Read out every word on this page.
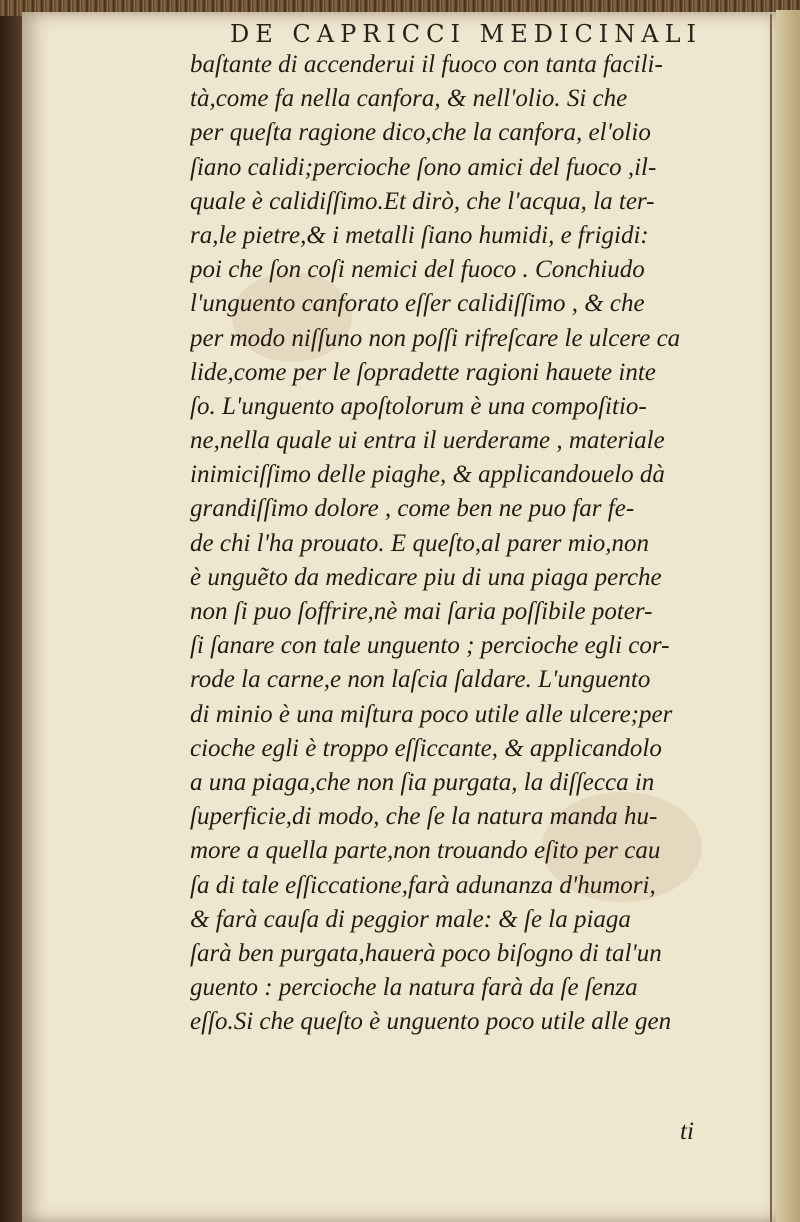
DE CAPRICCI MEDICINALI
baſtante di accenderui il fuoco con tanta facili-
tà,come fa nella canfora, & nell'olio. Si che
per queſta ragione dico,che la canfora, el'olio
ſiano calidi;percioche ſono amici del fuoco ,il-
quale è calidiſſimo.Et dirò, che l'acqua, la ter-
ra,le pietre,& i metalli ſiano humidi, e frigidi:
poi che ſon coſi nemici del fuoco . Conchiudo
l'unguento canforato eſſer calidiſſimo , & che
per modo niſſuno non poſſi rifreſcare le ulcere ca
lide,come per le ſopradette ragioni hauete inte
ſo. L'unguento apoſtolorum è una compoſitio-
ne,nella quale ui entra il uerderame , materiale
inimiciſſimo delle piaghe, & applicandouelo dà
grandiſſimo dolore , come ben ne puo far fe-
de chi l'ha prouato. E queſto,al parer mio,non
è unguẽto da medicare piu di una piaga perche
non ſi puo ſoffrire,nè mai ſaria poſſibile poter-
ſi ſanare con tale unguento ; percioche egli cor-
rode la carne,e non laſcia ſaldare. L'unguento
di minio è una miſtura poco utile alle ulcere;per
cioche egli è troppo eſſiccante, & applicandolo
a una piaga,che non ſia purgata, la diſſecca in
ſuperficie,di modo, che ſe la natura manda hu-
more a quella parte,non trouando eſito per cau
ſa di tale eſſiccatione,farà adunanza d'humori,
& farà cauſa di peggior male: & ſe la piaga
ſarà ben purgata,hauerà poco biſogno di tal'un
guento : percioche la natura farà da ſe ſenza
eſſo.Si che queſto è unguento poco utile alle gen
ti
